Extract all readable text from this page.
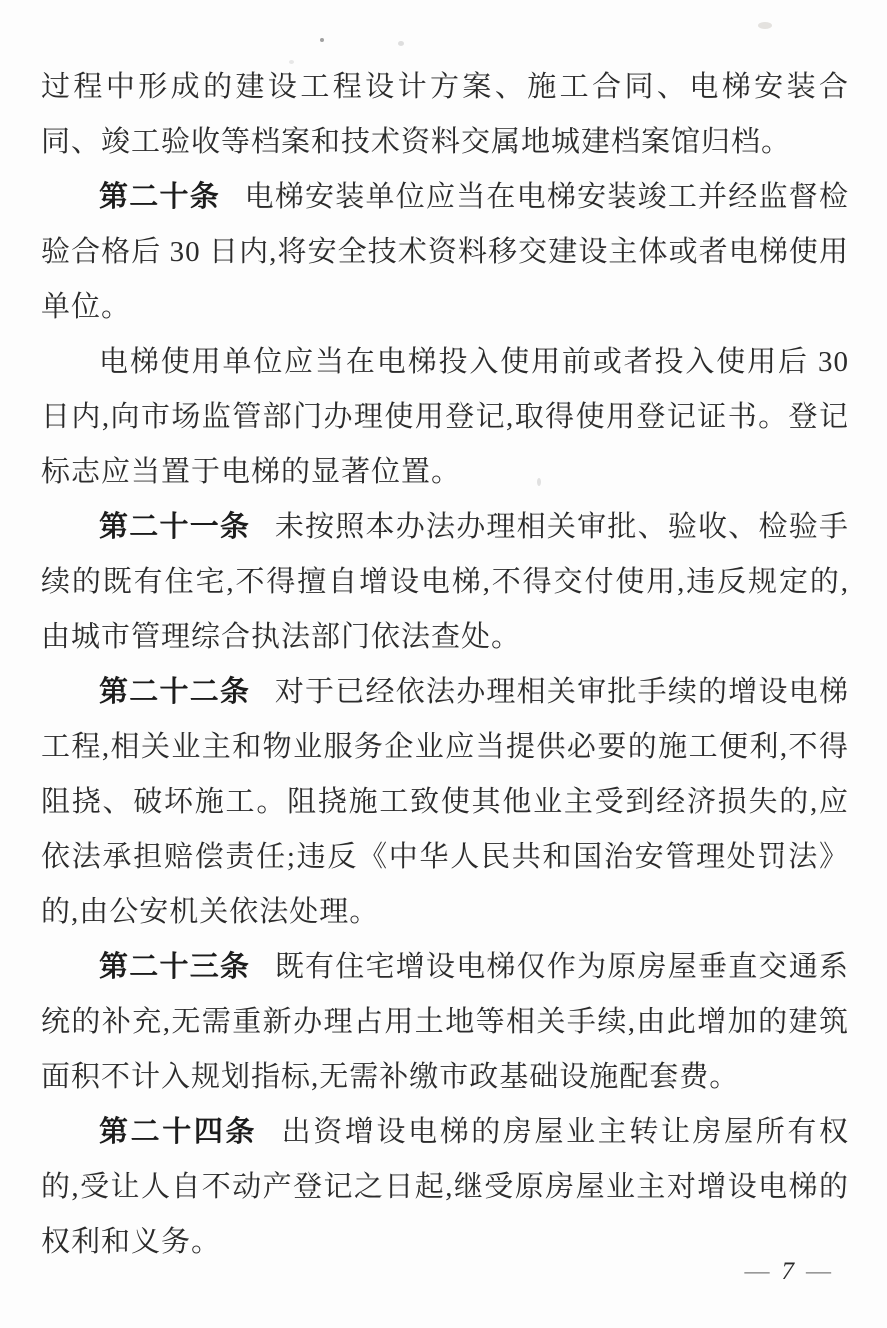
过程中形成的建设工程设计方案、施工合同、电梯安装合同、竣工验收等档案和技术资料交属地城建档案馆归档。

第二十条 电梯安装单位应当在电梯安装竣工并经监督检验合格后 30 日内,将安全技术资料移交建设主体或者电梯使用单位。

电梯使用单位应当在电梯投入使用前或者投入使用后 30 日内,向市场监管部门办理使用登记,取得使用登记证书。登记标志应当置于电梯的显著位置。

第二十一条 未按照本办法办理相关审批、验收、检验手续的既有住宅,不得擅自增设电梯,不得交付使用,违反规定的,由城市管理综合执法部门依法查处。

第二十二条 对于已经依法办理相关审批手续的增设电梯工程,相关业主和物业服务企业应当提供必要的施工便利,不得阻挠、破坏施工。阻挠施工致使其他业主受到经济损失的,应依法承担赔偿责任;违反《中华人民共和国治安管理处罚法》的,由公安机关依法处理。

第二十三条 既有住宅增设电梯仅作为原房屋垂直交通系统的补充,无需重新办理占用土地等相关手续,由此增加的建筑面积不计入规划指标,无需补缴市政基础设施配套费。

第二十四条 出资增设电梯的房屋业主转让房屋所有权的,受让人自不动产登记之日起,继受原房屋业主对增设电梯的权利和义务。

— 7 —
